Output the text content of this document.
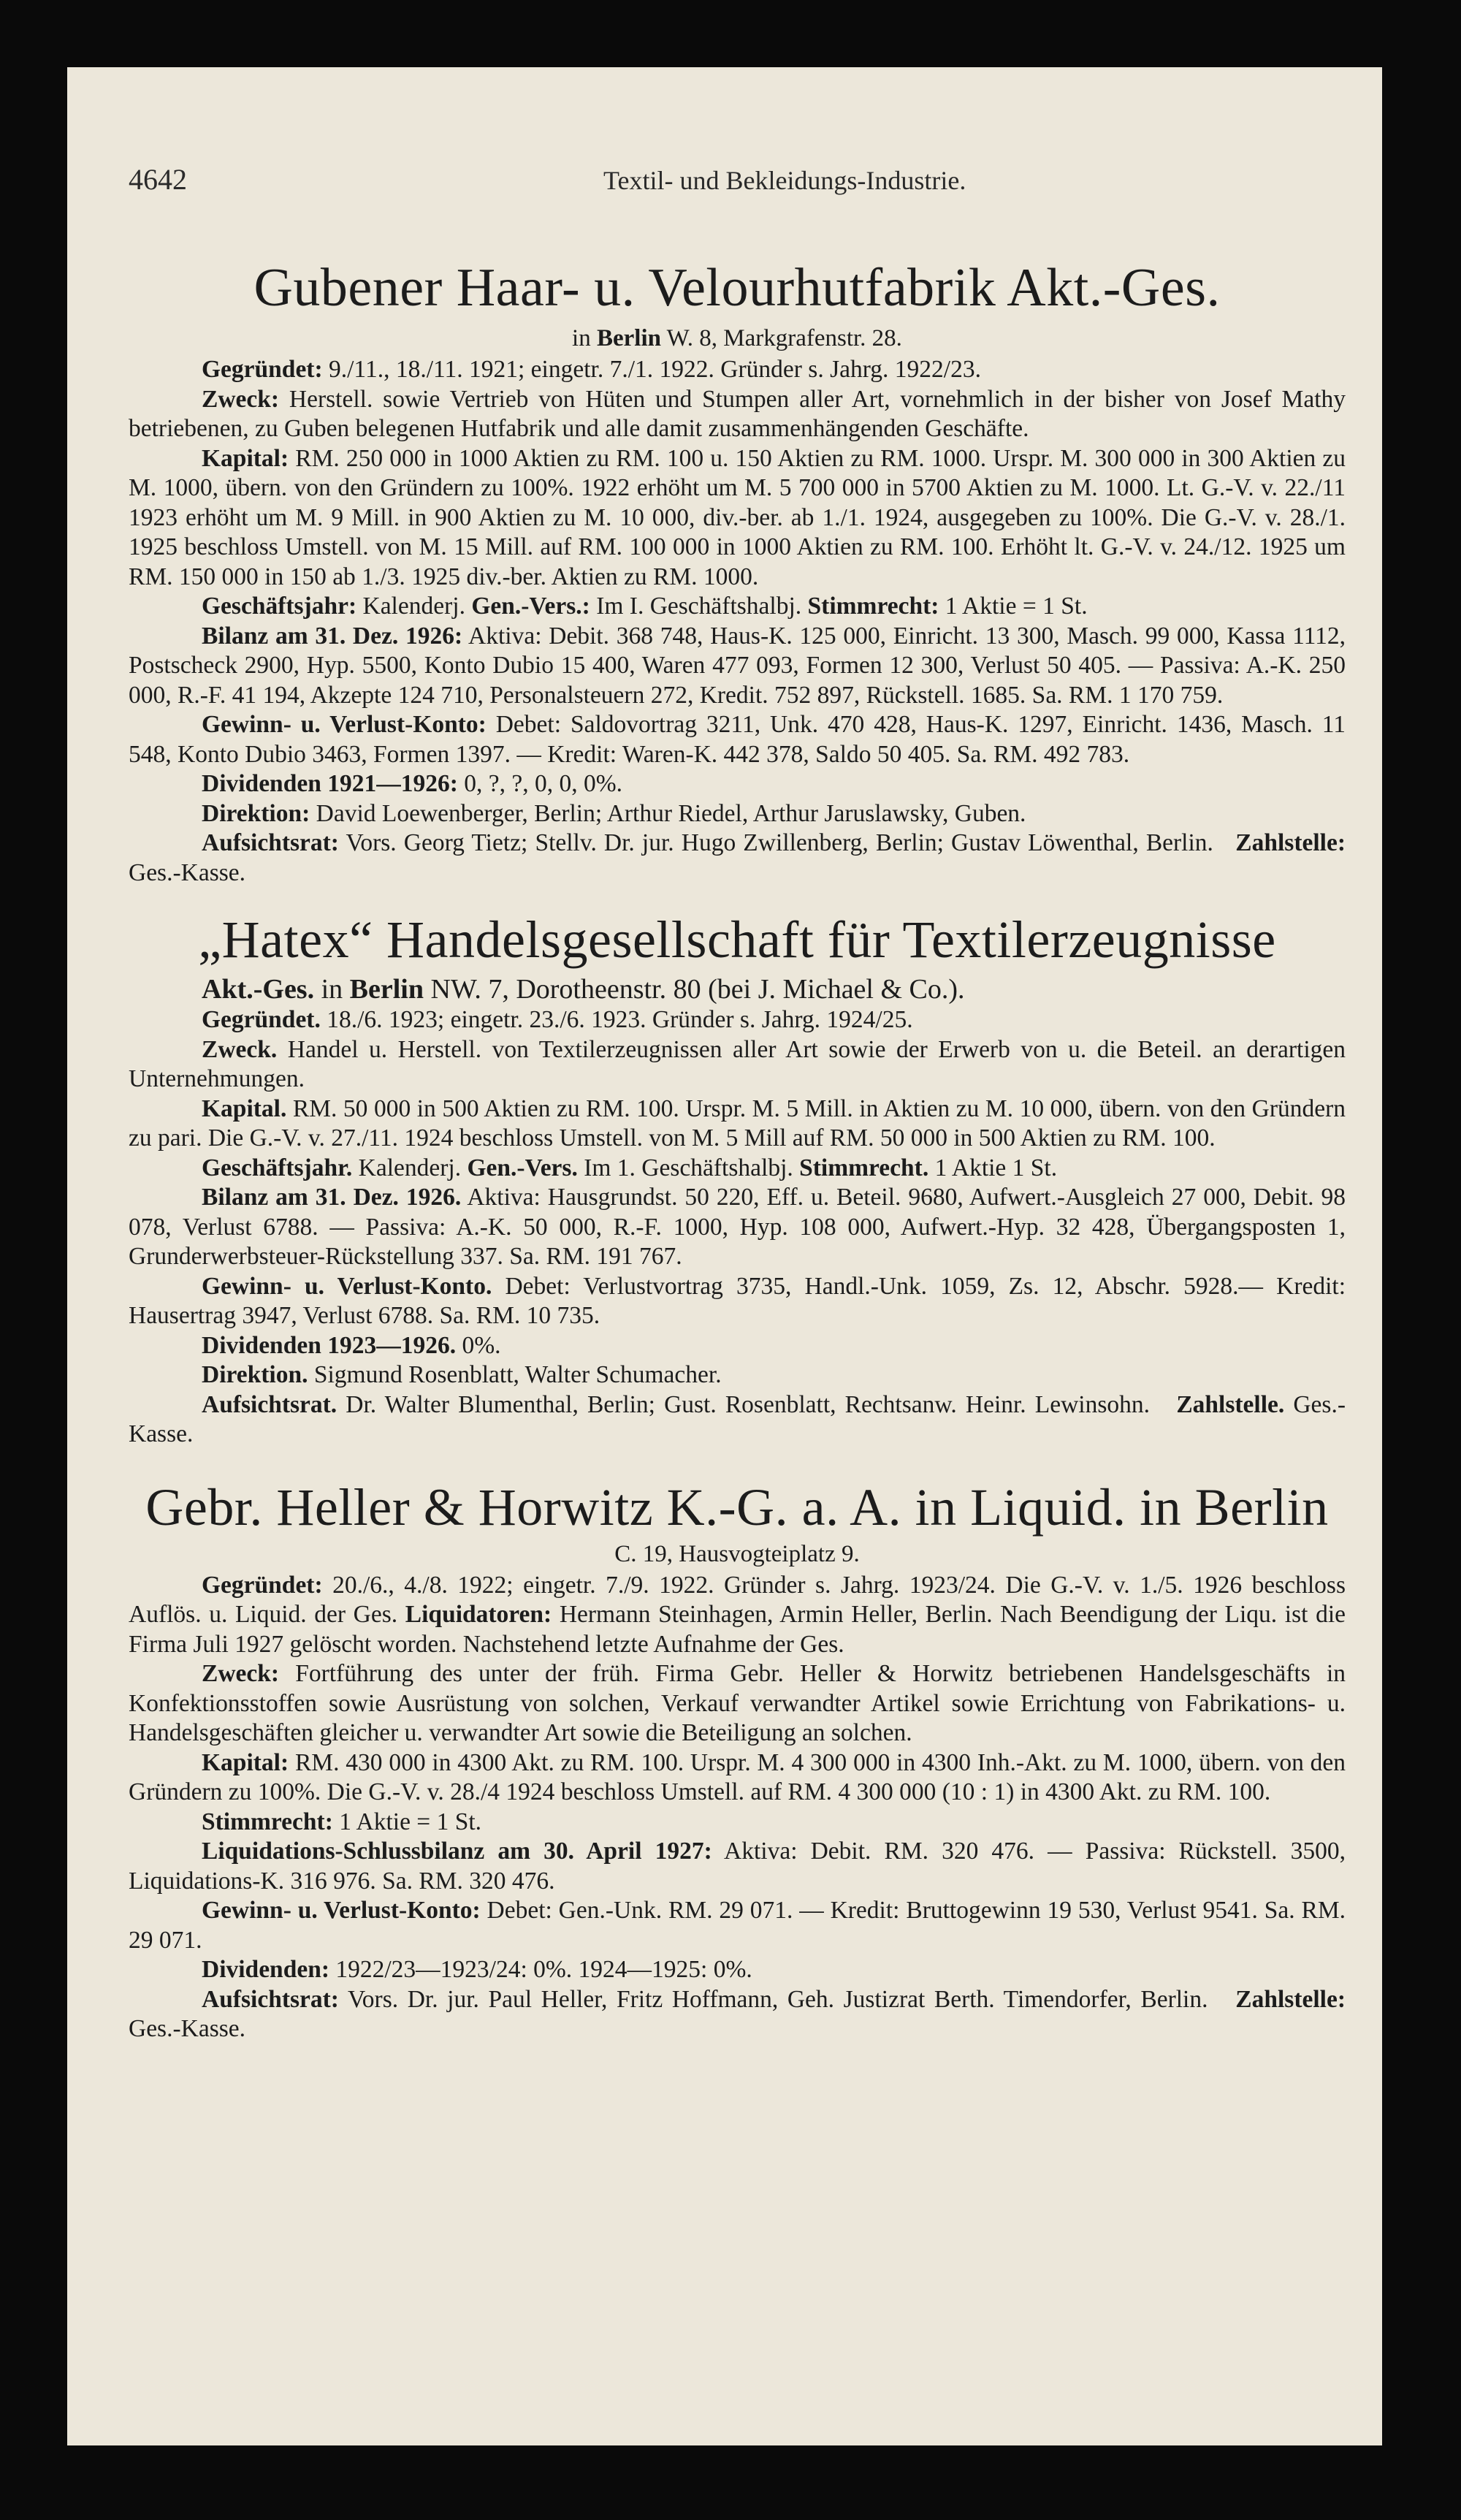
4642	Textil- und Bekleidungs-Industrie.
Gubener Haar- u. Velourhutfabrik Akt.-Ges.
in Berlin W. 8, Markgrafenstr. 28.

Gegründet: 9./11., 18./11. 1921; eingetr. 7./1. 1922. Gründer s. Jahrg. 1922/23.

Zweck: Herstell. sowie Vertrieb von Hüten und Stumpen aller Art, vornehmlich in der bisher von Josef Mathy betriebenen, zu Guben belegenen Hutfabrik und alle damit zusammenhängenden Geschäfte.

Kapital: RM. 250 000 in 1000 Aktien zu RM. 100 u. 150 Aktien zu RM. 1000. Urspr. M. 300 000 in 300 Aktien zu M. 1000, übern. von den Gründern zu 100%. 1922 erhöht um M. 5 700 000 in 5700 Aktien zu M. 1000. Lt. G.-V. v. 22./11 1923 erhöht um M. 9 Mill. in 900 Aktien zu M. 10 000, div.-ber. ab 1./1. 1924, ausgegeben zu 100%. Die G.-V. v. 28./1. 1925 beschloss Umstell. von M. 15 Mill. auf RM. 100 000 in 1000 Aktien zu RM. 100. Erhöht lt. G.-V. v. 24./12. 1925 um RM. 150 000 in 150 ab 1./3. 1925 div.-ber. Aktien zu RM. 1000.

Geschäftsjahr: Kalenderj. Gen.-Vers.: Im I. Geschäftshalbj. Stimmrecht: 1 Aktie = 1 St.

Bilanz am 31. Dez. 1926: Aktiva: Debit. 368 748, Haus-K. 125 000, Einricht. 13 300, Masch. 99 000, Kassa 1112, Postscheck 2900, Hyp. 5500, Konto Dubio 15 400, Waren 477 093, Formen 12 300, Verlust 50 405. — Passiva: A.-K. 250 000, R.-F. 41 194, Akzepte 124 710, Personalsteuern 272, Kredit. 752 897, Rückstell. 1685. Sa. RM. 1 170 759.

Gewinn- u. Verlust-Konto: Debet: Saldovortrag 3211, Unk. 470 428, Haus-K. 1297, Einricht. 1436, Masch. 11 548, Konto Dubio 3463, Formen 1397. — Kredit: Waren-K. 442 378, Saldo 50 405. Sa. RM. 492 783.

Dividenden 1921—1926: 0, ?, ?, 0, 0, 0%.

Direktion: David Loewenberger, Berlin; Arthur Riedel, Arthur Jaruslawsky, Guben.

Aufsichtsrat: Vors. Georg Tietz; Stellv. Dr. jur. Hugo Zwillenberg, Berlin; Gustav Löwenthal, Berlin. Zahlstelle: Ges.-Kasse.

„Hatex“ Handelsgesellschaft für Textilerzeugnisse
Akt.-Ges. in Berlin NW. 7, Dorotheenstr. 80 (bei J. Michael & Co.).

Gegründet. 18./6. 1923; eingetr. 23./6. 1923. Gründer s. Jahrg. 1924/25.

Zweck. Handel u. Herstell. von Textilerzeugnissen aller Art sowie der Erwerb von u. die Beteil. an derartigen Unternehmungen.

Kapital. RM. 50 000 in 500 Aktien zu RM. 100. Urspr. M. 5 Mill. in Aktien zu M. 10 000, übern. von den Gründern zu pari. Die G.-V. v. 27./11. 1924 beschloss Umstell. von M. 5 Mill auf RM. 50 000 in 500 Aktien zu RM. 100.

Geschäftsjahr. Kalenderj. Gen.-Vers. Im 1. Geschäftshalbj. Stimmrecht. 1 Aktie 1 St.

Bilanz am 31. Dez. 1926. Aktiva: Hausgrundst. 50 220, Eff. u. Beteil. 9680, Aufwert.-Ausgleich 27 000, Debit. 98 078, Verlust 6788. — Passiva: A.-K. 50 000, R.-F. 1000, Hyp. 108 000, Aufwert.-Hyp. 32 428, Übergangsposten 1, Grunderwerbsteuer-Rückstellung 337. Sa. RM. 191 767.

Gewinn- u. Verlust-Konto. Debet: Verlustvortrag 3735, Handl.-Unk. 1059, Zs. 12, Abschr. 5928.— Kredit: Hausertrag 3947, Verlust 6788. Sa. RM. 10 735.

Dividenden 1923—1926. 0%.

Direktion. Sigmund Rosenblatt, Walter Schumacher.

Aufsichtsrat. Dr. Walter Blumenthal, Berlin; Gust. Rosenblatt, Rechtsanw. Heinr. Lewinsohn. Zahlstelle. Ges.-Kasse.

Gebr. Heller & Horwitz K.-G. a. A. in Liquid. in Berlin
C. 19, Hausvogteiplatz 9.

Gegründet: 20./6., 4./8. 1922; eingetr. 7./9. 1922. Gründer s. Jahrg. 1923/24. Die G.-V. v. 1./5. 1926 beschloss Auflös. u. Liquid. der Ges. Liquidatoren: Hermann Steinhagen, Armin Heller, Berlin. Nach Beendigung der Liqu. ist die Firma Juli 1927 gelöscht worden. Nachstehend letzte Aufnahme der Ges.

Zweck: Fortführung des unter der früh. Firma Gebr. Heller & Horwitz betriebenen Handelsgeschäfts in Konfektionsstoffen sowie Ausrüstung von solchen, Verkauf verwandter Artikel sowie Errichtung von Fabrikations- u. Handelsgeschäften gleicher u. verwandter Art sowie die Beteiligung an solchen.

Kapital: RM. 430 000 in 4300 Akt. zu RM. 100. Urspr. M. 4 300 000 in 4300 Inh.-Akt. zu M. 1000, übern. von den Gründern zu 100%. Die G.-V. v. 28./4 1924 beschloss Umstell. auf RM. 4 300 000 (10 : 1) in 4300 Akt. zu RM. 100.

Stimmrecht: 1 Aktie = 1 St.

Liquidations-Schlussbilanz am 30. April 1927: Aktiva: Debit. RM. 320 476. — Passiva: Rückstell. 3500, Liquidations-K. 316 976. Sa. RM. 320 476.

Gewinn- u. Verlust-Konto: Debet: Gen.-Unk. RM. 29 071. — Kredit: Bruttogewinn 19 530, Verlust 9541. Sa. RM. 29 071.

Dividenden: 1922/23—1923/24: 0%. 1924—1925: 0%.

Aufsichtsrat: Vors. Dr. jur. Paul Heller, Fritz Hoffmann, Geh. Justizrat Berth. Timendorfer, Berlin. Zahlstelle: Ges.-Kasse.
